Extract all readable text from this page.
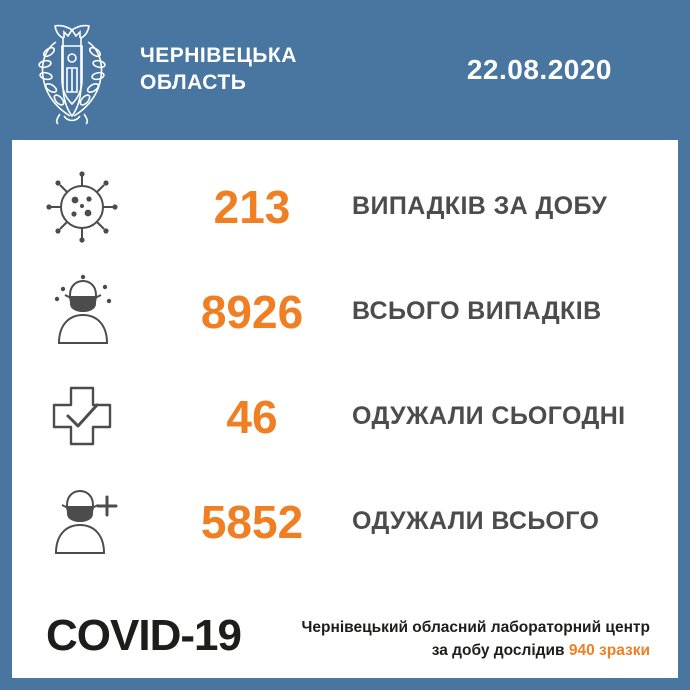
ЧЕРНІВЕЦЬКА
ОБЛАСТЬ	22.08.2020
213	ВИПАДКІВ ЗА ДОБУ
8926	ВСЬОГО ВИПАДКІВ
46	ОДУЖАЛИ СЬОГОДНІ
5852	ОДУЖАЛИ ВСЬОГО
COVID-19	Чернівецький обласний лабораторний центр
за добу дослідив 940 зразки
